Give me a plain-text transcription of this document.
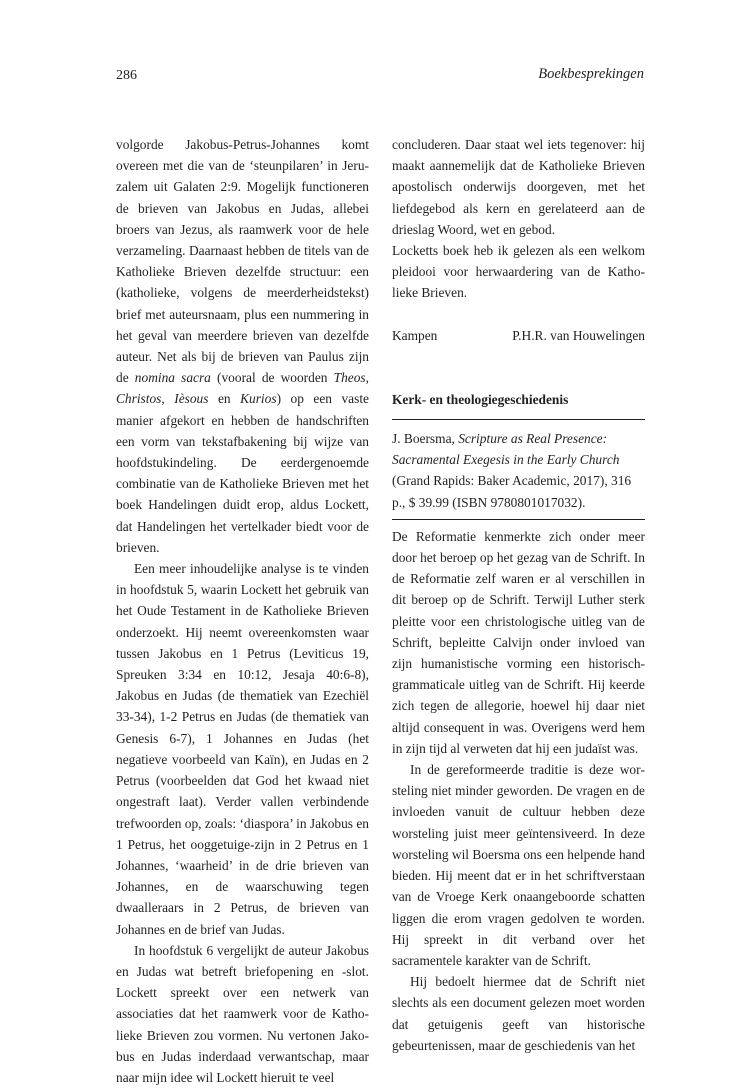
286	Boekbesprekingen

volgorde Jakobus-Petrus-Johannes komt overeen met die van de ‘steunpilaren’ in Jeruzalem uit Galaten 2:9. Mogelijk functioneren de brieven van Jakobus en Judas, allebei broers van Jezus, als raamwerk voor de hele verzameling. Daarnaast hebben de titels van de Katholieke Brieven dezelfde structuur: een (katholieke, volgens de meerderheidstekst) brief met auteursnaam, plus een nummering in het geval van meerdere brieven van dezelfde auteur. Net als bij de brieven van Paulus zijn de nomina sacra (vooral de woorden Theos, Christos, Ièsous en Kurios) op een vaste manier afgekort en hebben de handschriften een vorm van tekstafbakening bij wijze van hoofdstukindeling. De eerdergenoemde combinatie van de Katholieke Brieven met het boek Handelingen duidt erop, aldus Lockett, dat Handelingen het vertelkader biedt voor de brieven.

Een meer inhoudelijke analyse is te vinden in hoofdstuk 5, waarin Lockett het gebruik van het Oude Testament in de Katholieke Brieven onderzoekt. Hij neemt overeenkomsten waar tussen Jakobus en 1 Petrus (Leviticus 19, Spreuken 3:34 en 10:12, Jesaja 40:6-8), Jakobus en Judas (de thematiek van Ezechiël 33-34), 1-2 Petrus en Judas (de thematiek van Genesis 6-7), 1 Johannes en Judas (het negatieve voorbeeld van Kaïn), en Judas en 2 Petrus (voorbeelden dat God het kwaad niet ongestraft laat). Verder vallen verbindende trefwoorden op, zoals: ‘diaspora’ in Jakobus en 1 Petrus, het ooggetuige-zijn in 2 Petrus en 1 Johannes, ‘waarheid’ in de drie brieven van Johannes, en de waarschuwing tegen dwaalleraars in 2 Petrus, de brieven van Johannes en de brief van Judas.

In hoofdstuk 6 vergelijkt de auteur Jakobus en Judas wat betreft briefopening en -slot. Lockett spreekt over een netwerk van associaties dat het raamwerk voor de Katholieke Brieven zou vormen. Nu vertonen Jakobus en Judas inderdaad verwantschap, maar naar mijn idee wil Lockett hieruit te veel

concluderen. Daar staat wel iets tegenover: hij maakt aannemelijk dat de Katholieke Brieven apostolisch onderwijs doorgeven, met het liefdegebod als kern en gerelateerd aan de drieslag Woord, wet en gebod.

Locketts boek heb ik gelezen als een welkom pleidooi voor herwaardering van de Katholieke Brieven.

Kampen	P.H.R. van Houwelingen
Kerk- en theologiegeschiedenis

J. Boersma, Scripture as Real Presence: Sacramental Exegesis in the Early Church (Grand Rapids: Baker Academic, 2017), 316 p., $ 39.99 (ISBN 9780801017032).

De Reformatie kenmerkte zich onder meer door het beroep op het gezag van de Schrift. In de Reformatie zelf waren er al verschillen in dit beroep op de Schrift. Terwijl Luther sterk pleitte voor een christologische uitleg van de Schrift, bepleitte Calvijn onder invloed van zijn humanistische vorming een historisch-grammaticale uitleg van de Schrift. Hij keerde zich tegen de allegorie, hoewel hij daar niet altijd consequent in was. Overigens werd hem in zijn tijd al verweten dat hij een judaïst was.

In de gereformeerde traditie is deze worsteling niet minder geworden. De vragen en de invloeden vanuit de cultuur hebben deze worsteling juist meer geïntensiveerd. In deze worsteling wil Boersma ons een helpende hand bieden. Hij meent dat er in het schriftverstaan van de Vroege Kerk onaangeboorde schatten liggen die erom vragen gedolven te worden. Hij spreekt in dit verband over het sacramentele karakter van de Schrift.

Hij bedoelt hiermee dat de Schrift niet slechts als een document gelezen moet worden dat getuigenis geeft van historische gebeurtenissen, maar de geschiedenis van het
